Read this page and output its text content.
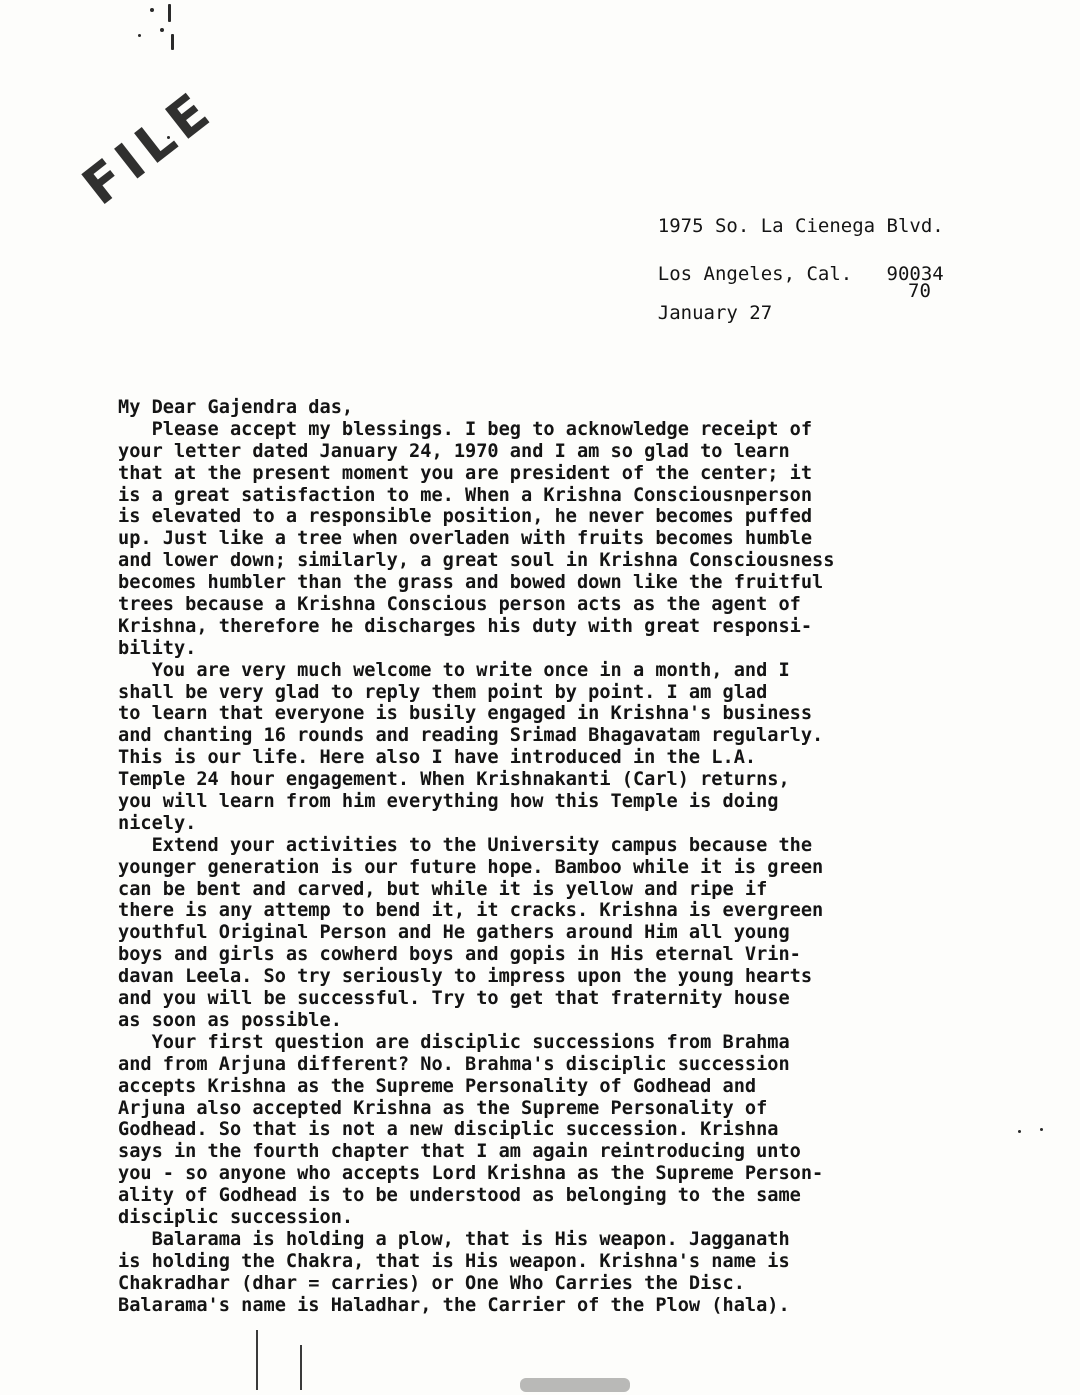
FILE

1975 So. La Cienega Blvd.

Los Angeles, Cal.   90034

January 27

70

My Dear Gajendra das,
Please accept my blessings. I beg to acknowledge receipt of
your letter dated January 24, 1970 and I am so glad to learn
that at the present moment you are president of the center; it
is a great satisfaction to me. When a Krishna Consciousnperson
is elevated to a responsible position, he never becomes puffed
up. Just like a tree when overladen with fruits becomes humble
and lower down; similarly, a great soul in Krishna Consciousness
becomes humbler than the grass and bowed down like the fruitful
trees because a Krishna Conscious person acts as the agent of
Krishna, therefore he discharges his duty with great responsi-
bility.
You are very much welcome to write once in a month, and I
shall be very glad to reply them point by point. I am glad
to learn that everyone is busily engaged in Krishna's business
and chanting 16 rounds and reading Srimad Bhagavatam regularly.
This is our life. Here also I have introduced in the L.A.
Temple 24 hour engagement. When Krishnakanti (Carl) returns,
you will learn from him everything how this Temple is doing
nicely.
Extend your activities to the University campus because the
younger generation is our future hope. Bamboo while it is green
can be bent and carved, but while it is yellow and ripe if
there is any attemp to bend it, it cracks. Krishna is evergreen
youthful Original Person and He gathers around Him all young
boys and girls as cowherd boys and gopis in His eternal Vrin-
davan Leela. So try seriously to impress upon the young hearts
and you will be successful. Try to get that fraternity house
as soon as possible.
Your first question are disciplic successions from Brahma
and from Arjuna different? No. Brahma's disciplic succession
accepts Krishna as the Supreme Personality of Godhead and
Arjuna also accepted Krishna as the Supreme Personality of
Godhead. So that is not a new disciplic succession. Krishna
says in the fourth chapter that I am again reintroducing unto
you - so anyone who accepts Lord Krishna as the Supreme Person-
ality of Godhead is to be understood as belonging to the same
disciplic succession.
Balarama is holding a plow, that is His weapon. Jagganath
is holding the Chakra, that is His weapon. Krishna's name is
Chakradhar (dhar = carries) or One Who Carries the Disc.
Balarama's name is Haladhar, the Carrier of the Plow (hala).
